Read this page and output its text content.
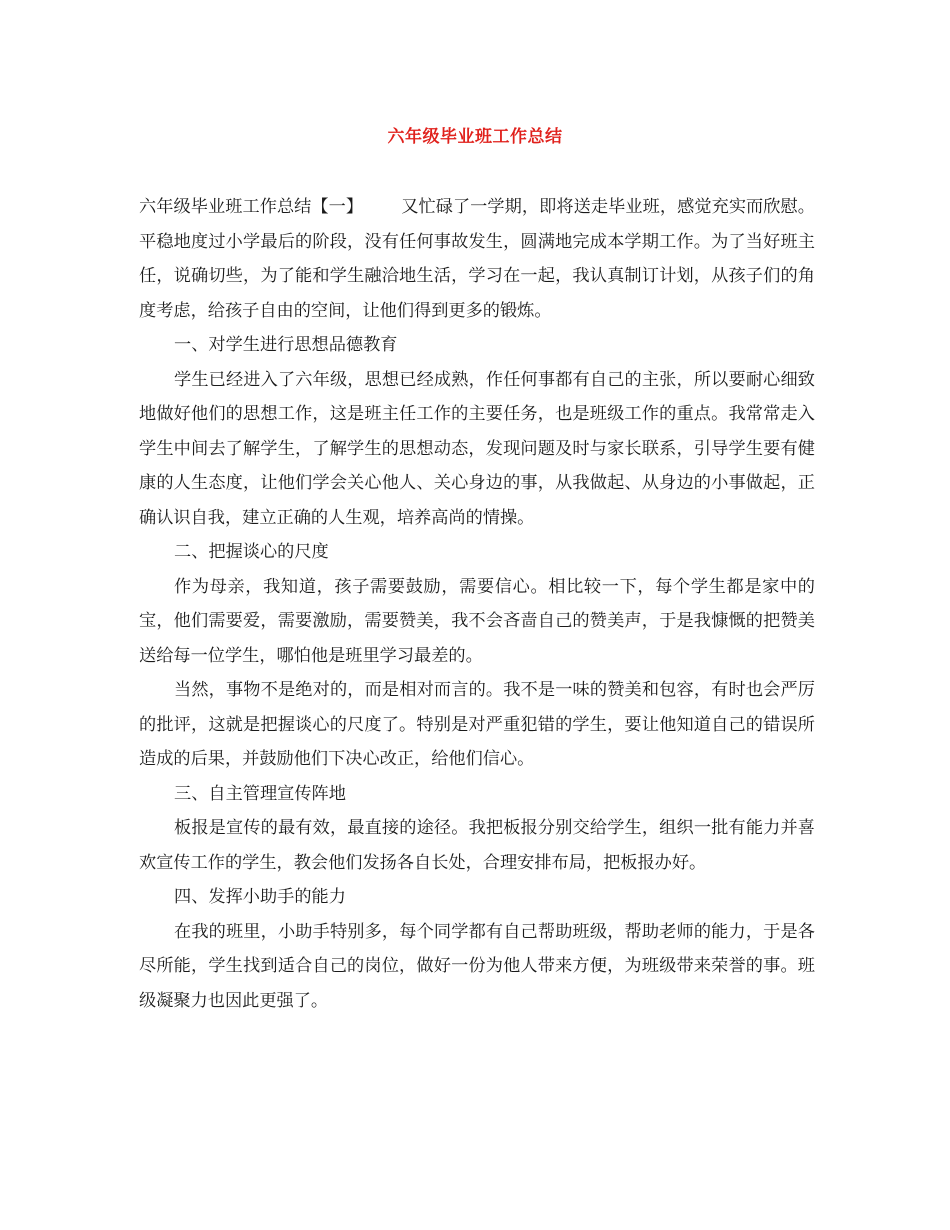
六年级毕业班工作总结

六年级毕业班工作总结【一】 又忙碌了一学期，即将送走毕业班，感觉充实而欣慰。平稳地度过小学最后的阶段，没有任何事故发生，圆满地完成本学期工作。为了当好班主任，说确切些，为了能和学生融洽地生活，学习在一起，我认真制订计划，从孩子们的角度考虑，给孩子自由的空间，让他们得到更多的锻炼。

一、对学生进行思想品德教育

学生已经进入了六年级，思想已经成熟，作任何事都有自己的主张，所以要耐心细致地做好他们的思想工作，这是班主任工作的主要任务，也是班级工作的重点。我常常走入学生中间去了解学生，了解学生的思想动态，发现问题及时与家长联系，引导学生要有健康的人生态度，让他们学会关心他人、关心身边的事，从我做起、从身边的小事做起，正确认识自我，建立正确的人生观，培养高尚的情操。

二、把握谈心的尺度

作为母亲，我知道，孩子需要鼓励，需要信心。相比较一下，每个学生都是家中的宝，他们需要爱，需要激励，需要赞美，我不会吝啬自己的赞美声，于是我慷慨的把赞美送给每一位学生，哪怕他是班里学习最差的。

当然，事物不是绝对的，而是相对而言的。我不是一味的赞美和包容，有时也会严厉的批评，这就是把握谈心的尺度了。特别是对严重犯错的学生，要让他知道自己的错误所造成的后果，并鼓励他们下决心改正，给他们信心。

三、自主管理宣传阵地

板报是宣传的最有效，最直接的途径。我把板报分别交给学生，组织一批有能力并喜欢宣传工作的学生，教会他们发扬各自长处，合理安排布局，把板报办好。

四、发挥小助手的能力

在我的班里，小助手特别多，每个同学都有自己帮助班级，帮助老师的能力，于是各尽所能，学生找到适合自己的岗位，做好一份为他人带来方便，为班级带来荣誉的事。班级凝聚力也因此更强了。
